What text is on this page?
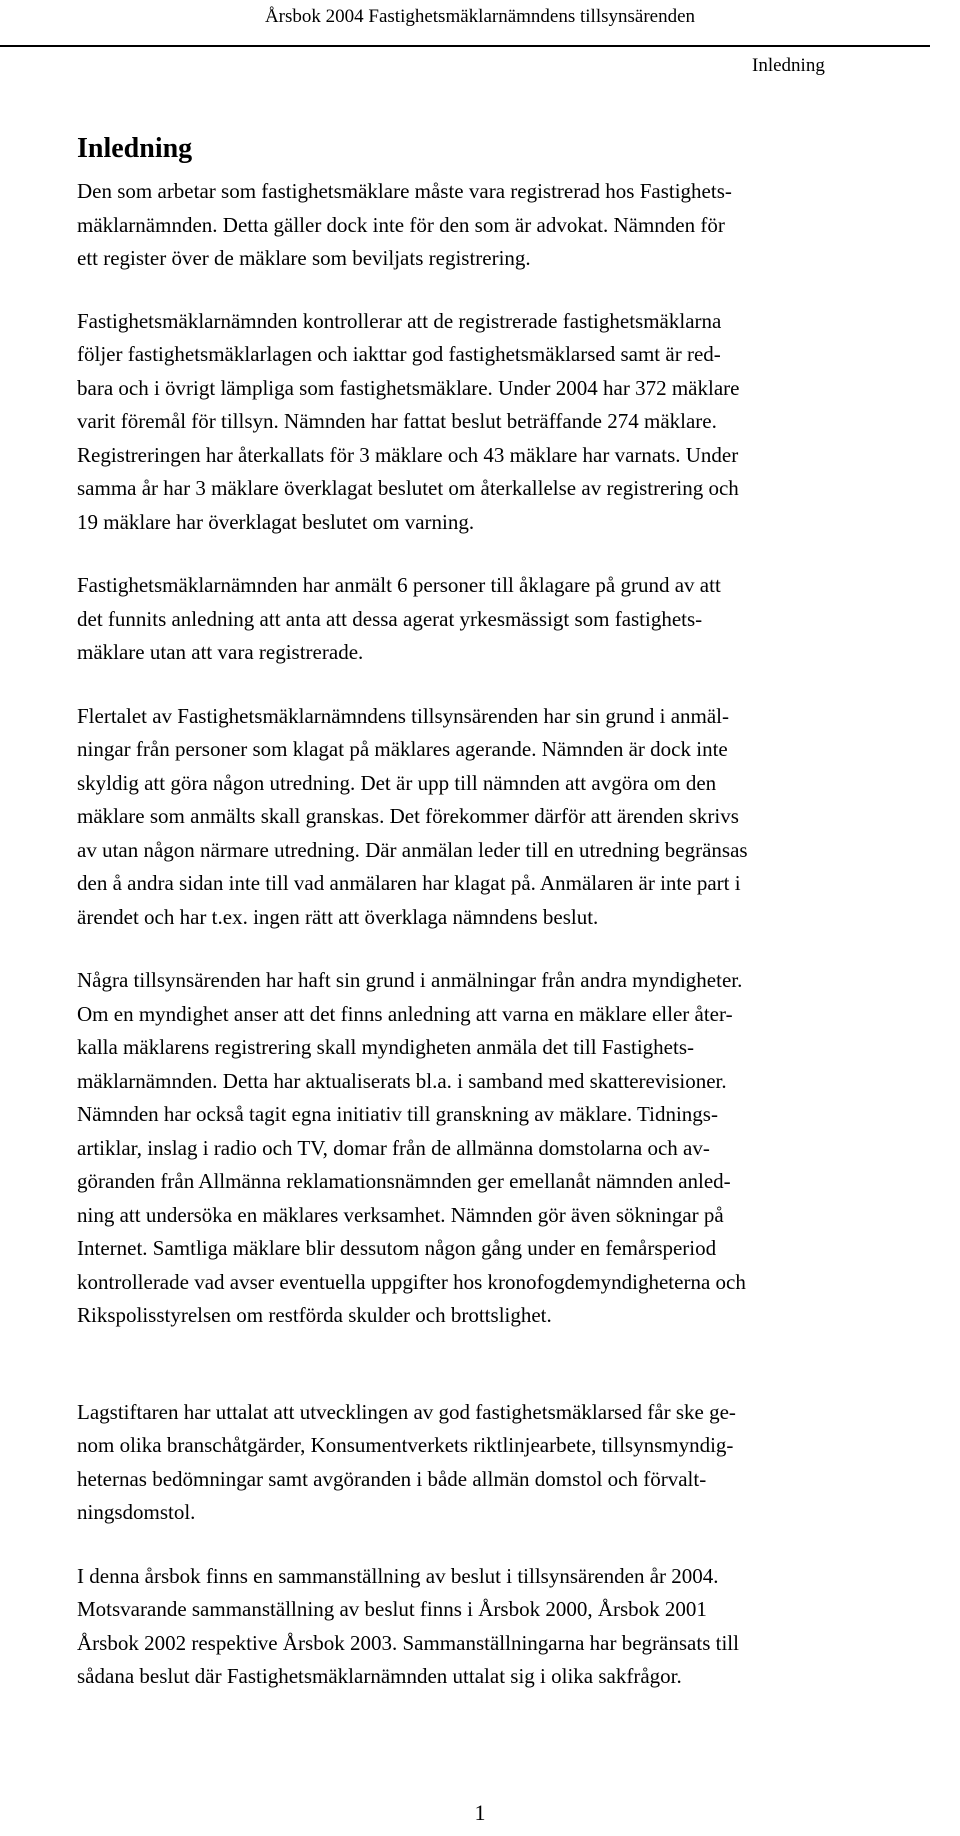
Årsbok 2004 Fastighetsmäklarnämndens tillsynsärenden
Inledning
Inledning

Den som arbetar som fastighetsmäklare måste vara registrerad hos Fastighets-
mäklarnämnden. Detta gäller dock inte för den som är advokat. Nämnden för
ett register över de mäklare som beviljats registrering.

Fastighetsmäklarnämnden kontrollerar att de registrerade fastighetsmäklarna
följer fastighetsmäklarlagen och iakttar god fastighetsmäklarsed samt är red-
bara och i övrigt lämpliga som fastighetsmäklare. Under 2004 har 372 mäklare
varit föremål för tillsyn. Nämnden har fattat beslut beträffande 274 mäklare.
Registreringen har återkallats för 3 mäklare och 43 mäklare har varnats. Under
samma år har 3 mäklare överklagat beslutet om återkallelse av registrering och
19 mäklare har överklagat beslutet om varning.

Fastighetsmäklarnämnden har anmält 6 personer till åklagare på grund av att
det funnits anledning att anta att dessa agerat yrkesmässigt som fastighets-
mäklare utan att vara registrerade.

Flertalet av Fastighetsmäklarnämndens tillsynsärenden har sin grund i anmäl-
ningar från personer som klagat på mäklares agerande. Nämnden är dock inte
skyldig att göra någon utredning. Det är upp till nämnden att avgöra om den
mäklare som anmälts skall granskas. Det förekommer därför att ärenden skrivs
av utan någon närmare utredning. Där anmälan leder till en utredning begränsas
den å andra sidan inte till vad anmälaren har klagat på. Anmälaren är inte part i
ärendet och har t.ex. ingen rätt att överklaga nämndens beslut.

Några tillsynsärenden har haft sin grund i anmälningar från andra myndigheter.
Om en myndighet anser att det finns anledning att varna en mäklare eller åter-
kalla mäklarens registrering skall myndigheten anmäla det till Fastighets-
mäklarnämnden. Detta har aktualiserats bl.a. i samband med skatterevisioner.
Nämnden har också tagit egna initiativ till granskning av mäklare. Tidnings-
artiklar, inslag i radio och TV, domar från de allmänna domstolarna och av-
göranden från Allmänna reklamationsnämnden ger emellanåt nämnden anled-
ning att undersöka en mäklares verksamhet. Nämnden gör även sökningar på
Internet. Samtliga mäklare blir dessutom någon gång under en femårsperiod
kontrollerade vad avser eventuella uppgifter hos kronofogdemyndigheterna och
Rikspolisstyrelsen om restförda skulder och brottslighet.

Lagstiftaren har uttalat att utvecklingen av god fastighetsmäklarsed får ske ge-
nom olika branschåtgärder, Konsumentverkets riktlinjearbete, tillsynsmyndig-
heternas bedömningar samt avgöranden i både allmän domstol och förvalt-
ningsdomstol.

I denna årsbok finns en sammanställning av beslut i tillsynsärenden år 2004.
Motsvarande sammanställning av beslut finns i Årsbok 2000, Årsbok 2001
Årsbok 2002 respektive Årsbok 2003. Sammanställningarna har begränsats till
sådana beslut där Fastighetsmäklarnämnden uttalat sig i olika sakfrågor.

1
